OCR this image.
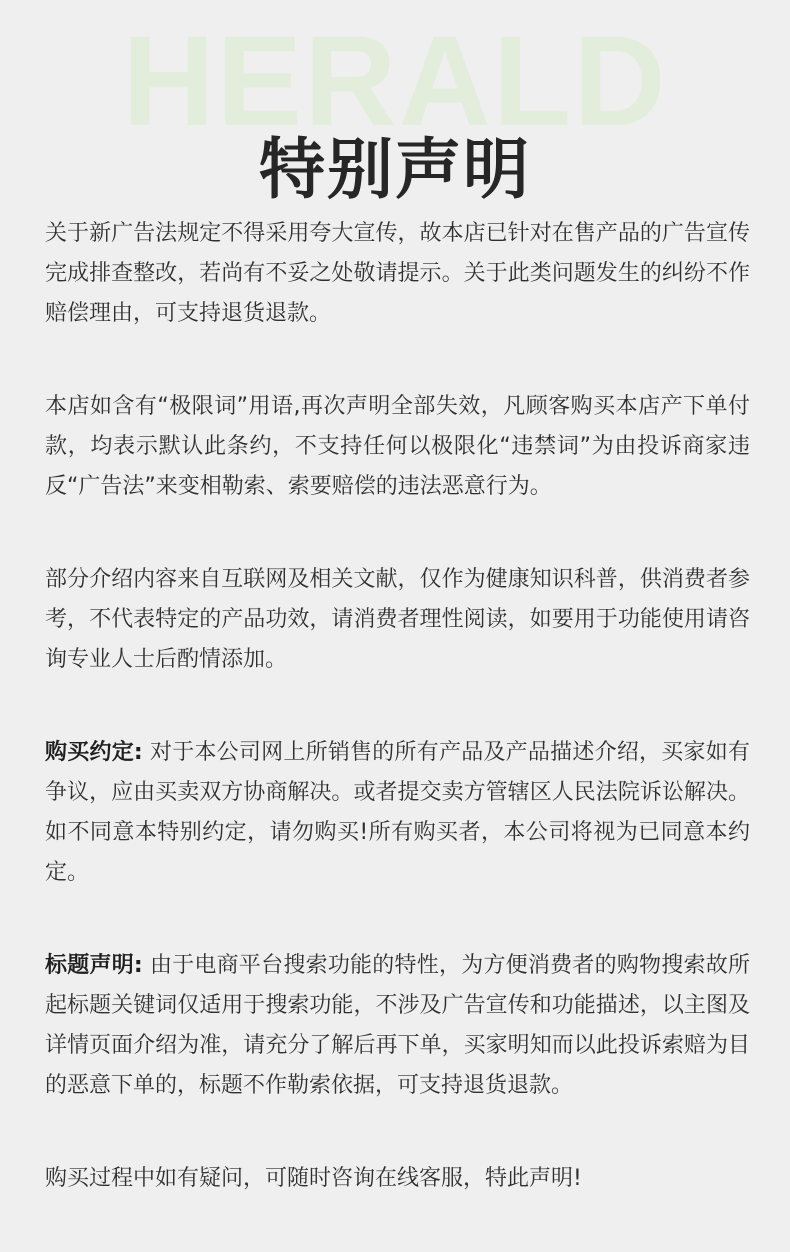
HERALD
特别声明

关于新广告法规定不得采用夸大宣传，故本店已针对在售产品的广告宣传完成排查整改，若尚有不妥之处敬请提示。关于此类问题发生的纠纷不作赔偿理由，可支持退货退款。

本店如含有“极限词”用语,再次声明全部失效，凡顾客购买本店产下单付款，均表示默认此条约，不支持任何以极限化“违禁词”为由投诉商家违反“广告法”来变相勒索、索要赔偿的违法恶意行为。

部分介绍内容来自互联网及相关文献，仅作为健康知识科普，供消费者参考，不代表特定的产品功效，请消费者理性阅读，如要用于功能使用请咨询专业人士后酌情添加。

购买约定: 对于本公司网上所销售的所有产品及产品描述介绍，买家如有争议，应由买卖双方协商解决。或者提交卖方管辖区人民法院诉讼解决。如不同意本特别约定，请勿购买!所有购买者，本公司将视为已同意本约定。

标题声明: 由于电商平台搜索功能的特性，为方便消费者的购物搜索故所起标题关键词仅适用于搜索功能，不涉及广告宣传和功能描述，以主图及详情页面介绍为准，请充分了解后再下单，买家明知而以此投诉索赔为目的恶意下单的，标题不作勒索依据，可支持退货退款。

购买过程中如有疑问，可随时咨询在线客服，特此声明!
